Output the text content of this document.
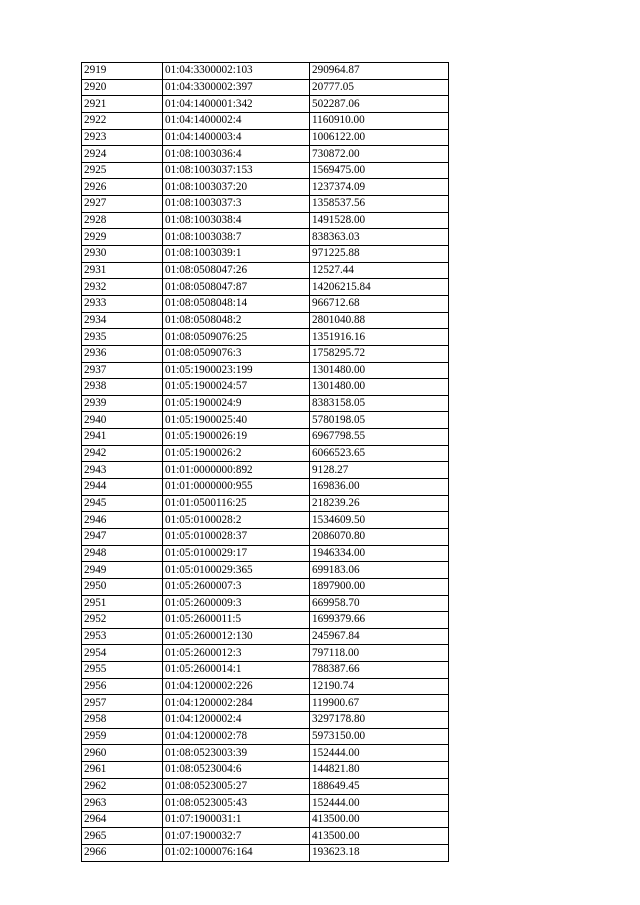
2919	01:04:3300002:103	290964.87
2920	01:04:3300002:397	20777.05
2921	01:04:1400001:342	502287.06
2922	01:04:1400002:4	1160910.00
2923	01:04:1400003:4	1006122.00
2924	01:08:1003036:4	730872.00
2925	01:08:1003037:153	1569475.00
2926	01:08:1003037:20	1237374.09
2927	01:08:1003037:3	1358537.56
2928	01:08:1003038:4	1491528.00
2929	01:08:1003038:7	838363.03
2930	01:08:1003039:1	971225.88
2931	01:08:0508047:26	12527.44
2932	01:08:0508047:87	14206215.84
2933	01:08:0508048:14	966712.68
2934	01:08:0508048:2	2801040.88
2935	01:08:0509076:25	1351916.16
2936	01:08:0509076:3	1758295.72
2937	01:05:1900023:199	1301480.00
2938	01:05:1900024:57	1301480.00
2939	01:05:1900024:9	8383158.05
2940	01:05:1900025:40	5780198.05
2941	01:05:1900026:19	6967798.55
2942	01:05:1900026:2	6066523.65
2943	01:01:0000000:892	9128.27
2944	01:01:0000000:955	169836.00
2945	01:01:0500116:25	218239.26
2946	01:05:0100028:2	1534609.50
2947	01:05:0100028:37	2086070.80
2948	01:05:0100029:17	1946334.00
2949	01:05:0100029:365	699183.06
2950	01:05:2600007:3	1897900.00
2951	01:05:2600009:3	669958.70
2952	01:05:2600011:5	1699379.66
2953	01:05:2600012:130	245967.84
2954	01:05:2600012:3	797118.00
2955	01:05:2600014:1	788387.66
2956	01:04:1200002:226	12190.74
2957	01:04:1200002:284	119900.67
2958	01:04:1200002:4	3297178.80
2959	01:04:1200002:78	5973150.00
2960	01:08:0523003:39	152444.00
2961	01:08:0523004:6	144821.80
2962	01:08:0523005:27	188649.45
2963	01:08:0523005:43	152444.00
2964	01:07:1900031:1	413500.00
2965	01:07:1900032:7	413500.00
2966	01:02:1000076:164	193623.18
